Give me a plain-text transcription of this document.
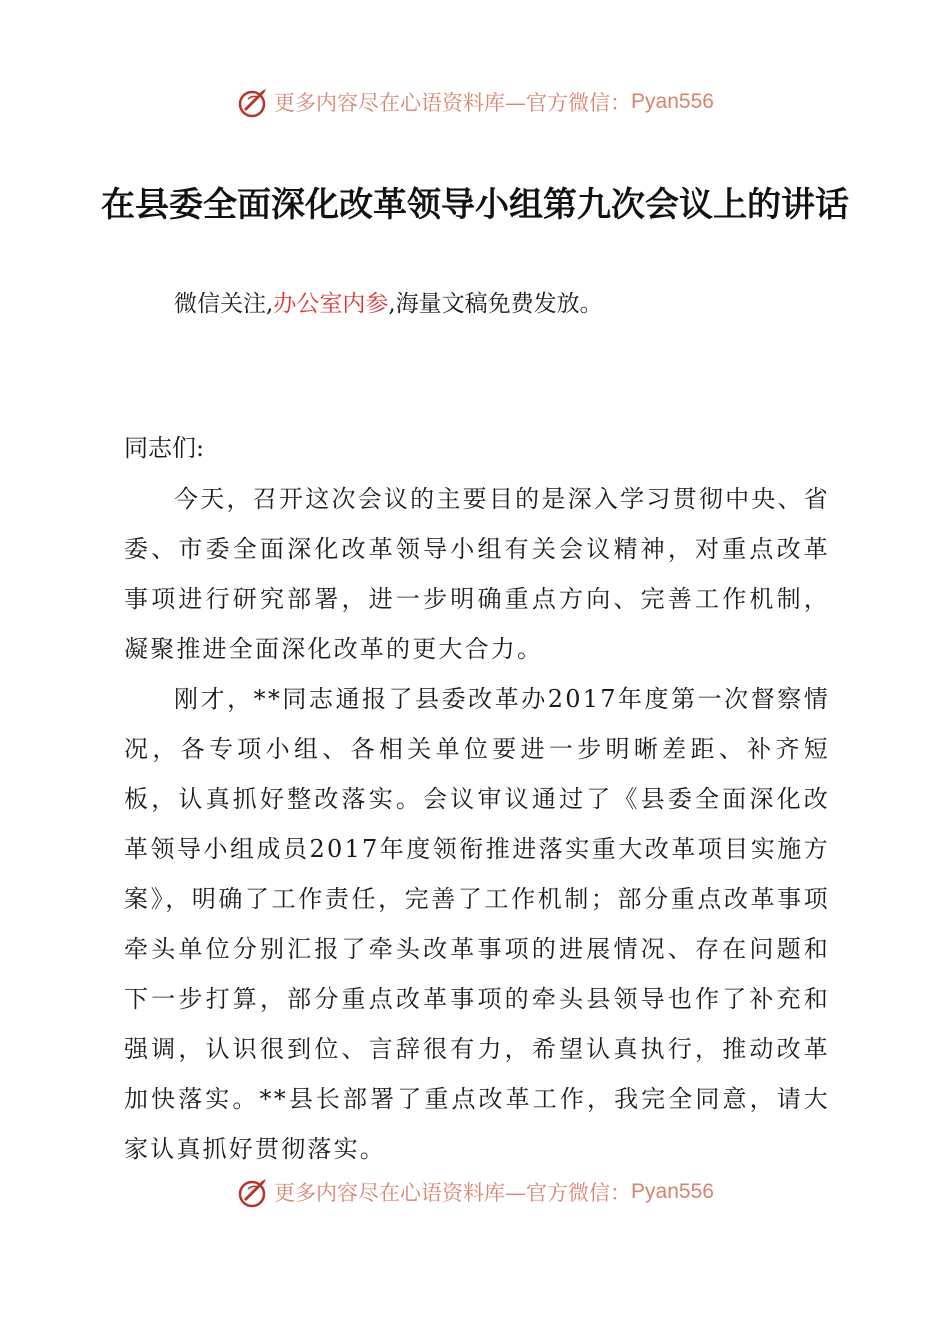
更多内容尽在心语资料库—官方微信： Pyan556
在县委全面深化改革领导小组第九次会议上的讲话

微信关注,办公室内参,海量文稿免费发放。

同志们:

今天，召开这次会议的主要目的是深入学习贯彻中央、省委、市委全面深化改革领导小组有关会议精神，对重点改革事项进行研究部署，进一步明确重点方向、完善工作机制，凝聚推进全面深化改革的更大合力。

刚才，**同志通报了县委改革办2017年度第一次督察情况，各专项小组、各相关单位要进一步明晰差距、补齐短板，认真抓好整改落实。会议审议通过了《县委全面深化改革领导小组成员2017年度领衔推进落实重大改革项目实施方案》，明确了工作责任，完善了工作机制；部分重点改革事项牵头单位分别汇报了牵头改革事项的进展情况、存在问题和下一步打算，部分重点改革事项的牵头县领导也作了补充和强调，认识很到位、言辞很有力，希望认真执行，推动改革加快落实。**县长部署了重点改革工作，我完全同意，请大家认真抓好贯彻落实。

更多内容尽在心语资料库—官方微信： Pyan556
